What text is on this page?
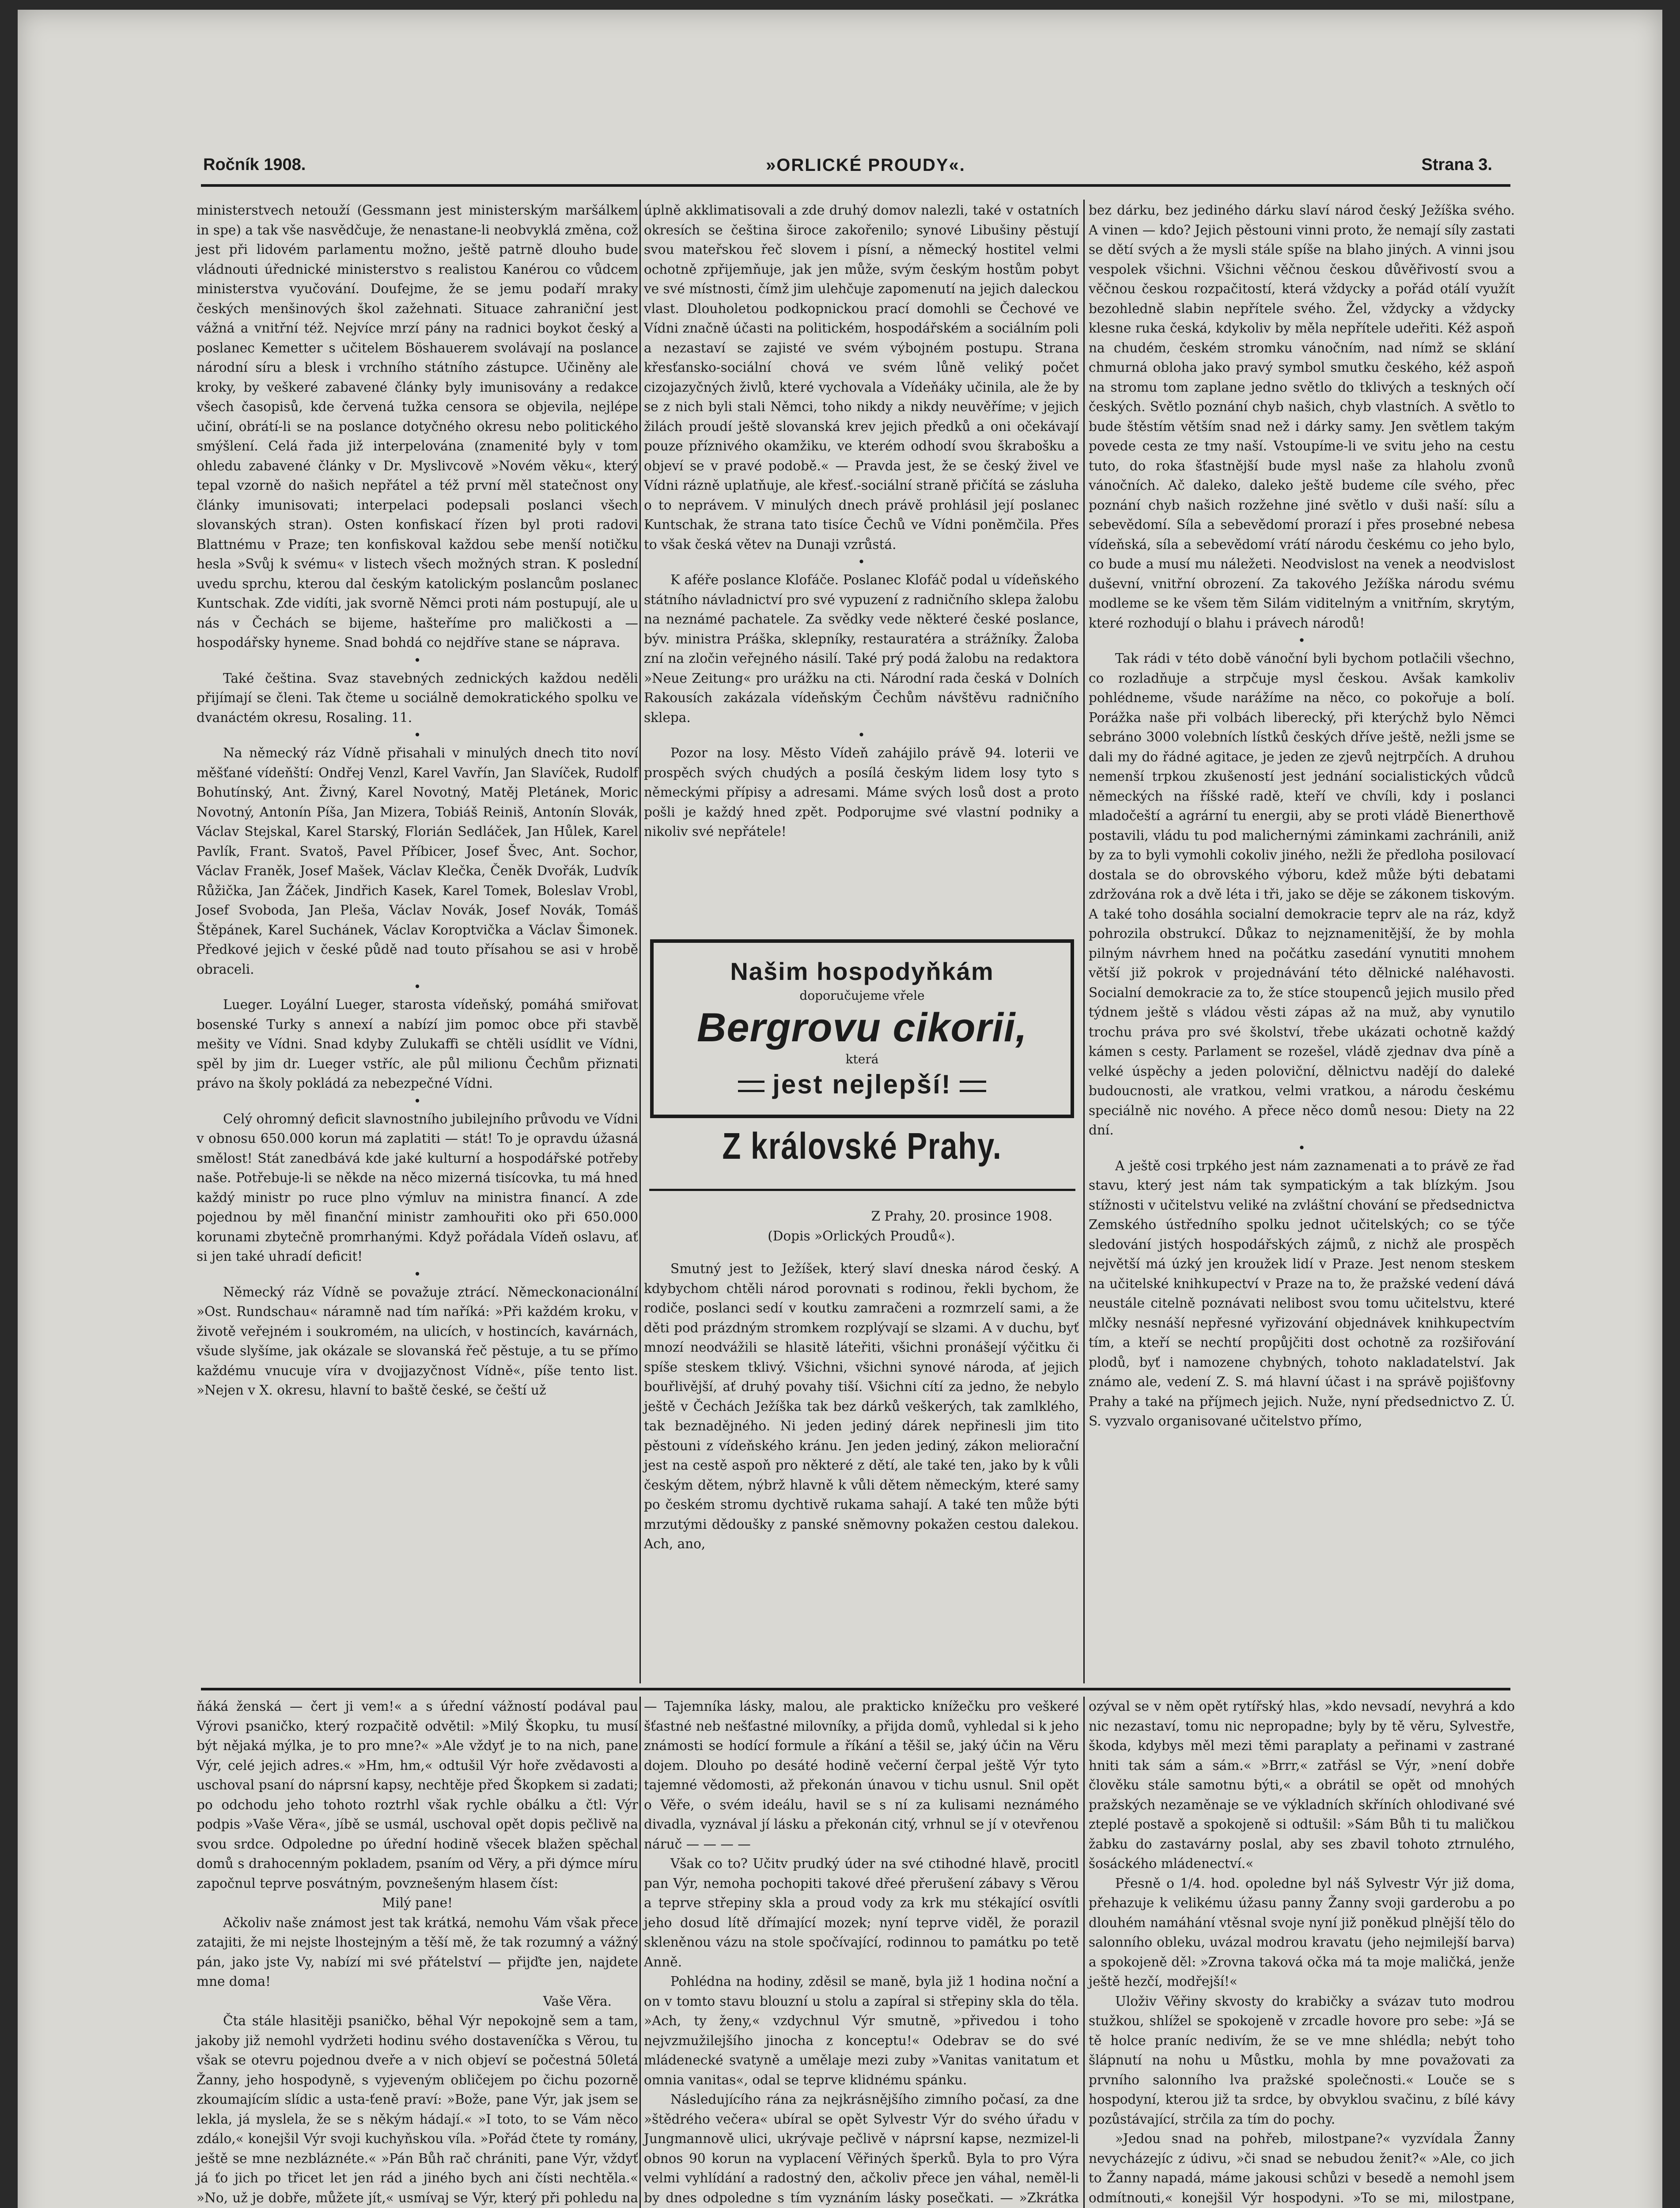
Ročník 1908.	»ORLICKÉ PROUDY«.	Strana 3.

ministerstvech netouží (Gessmann jest ministerským maršálkem in spe) a tak vše nasvědčuje, že nenastane-li neobvyklá změna, což jest při lidovém parlamentu možno, ještě patrně dlouho bude vládnouti úřednické ministerstvo s realistou Kanérou co vůdcem ministerstva vyučování. Doufejme, že se jemu podaří mraky českých menšinových škol zažehnati. Situace zahraniční jest vážná a vnitřní též. Nejvíce mrzí pány na radnici boykot český a poslanec Kemetter s učitelem Böshauerem svolávají na poslance národní síru a blesk i vrchního státního zástupce. Učiněny ale kroky, by veškeré zabavené články byly imunisovány a redakce všech časopisů, kde červená tužka censora se objevila, nejlépe učiní, obrátí-li se na poslance dotyčného okresu nebo politického smýšlení. Celá řada již interpelována (znamenité byly v tom ohledu zabavené články v Dr. Myslivcově »Novém věku«, který tepal vzorně do našich nepřátel a též první měl statečnost ony články imunisovati; interpelaci podepsali poslanci všech slovanských stran). Osten konfiskací řízen byl proti radovi Blattnému v Praze; ten konfiskoval každou sebe menší notičku hesla »Svůj k svému« v listech všech možných stran. K poslední uvedu sprchu, kterou dal českým katolickým poslancům poslanec Kuntschak. Zde vidíti, jak svorně Němci proti nám postupují, ale u nás v Čechách se bijeme, hašteříme pro maličkosti a — hospodářsky hyneme. Snad bohdá co nejdříve stane se náprava.

•

Také čeština. Svaz stavebných zednických každou neděli přijímají se členi. Tak čteme u sociálně demokratického spolku ve dvanáctém okresu, Rosaling. 11.

•

Na německý ráz Vídně přisahali v minulých dnech tito noví měšťané vídeňští: Ondřej Venzl, Karel Vavřín, Jan Slavíček, Rudolf Bohutínský, Ant. Živný, Karel Novotný, Matěj Pletánek, Moric Novotný, Antonín Píša, Jan Mizera, Tobiáš Reiniš, Antonín Slovák, Václav Stejskal, Karel Starský, Florián Sedláček, Jan Hůlek, Karel Pavlík, Frant. Svatoš, Pavel Příbicer, Josef Švec, Ant. Sochor, Václav Franěk, Josef Mašek, Václav Klečka, Čeněk Dvořák, Ludvík Růžička, Jan Žáček, Jindřich Kasek, Karel Tomek, Boleslav Vrobl, Josef Svoboda, Jan Pleša, Václav Novák, Josef Novák, Tomáš Štěpánek, Karel Suchánek, Václav Koroptvička a Václav Šimonek. Předkové jejich v české půdě nad touto přísahou se asi v hrobě obraceli.

•

Lueger. Loyální Lueger, starosta vídeňský, pomáhá smiřovat bosenské Turky s annexí a nabízí jim pomoc obce při stavbě mešity ve Vídni. Snad kdyby Zulukaffi se chtěli usídlit ve Vídni, spěl by jim dr. Lueger vstříc, ale půl milionu Čechům přiznati právo na školy pokládá za nebezpečné Vídni.

•

Celý ohromný deficit slavnostního jubilejního průvodu ve Vídni v obnosu 650.000 korun má zaplatiti — stát! To je opravdu úžasná smělost! Stát zanedbává kde jaké kulturní a hospodářské potřeby naše. Potřebuje-li se někde na něco mizerná tisícovka, tu má hned každý ministr po ruce plno výmluv na ministra financí. A zde pojednou by měl finanční ministr zamhouřiti oko při 650.000 korunami zbytečně promrhanými. Když pořádala Vídeň oslavu, ať si jen také uhradí deficit!

•

Německý ráz Vídně se považuje ztrácí. Německonacionální »Ost. Rundschau« náramně nad tím naříká: »Při každém kroku, v životě veřejném i soukromém, na ulicích, v hostincích, kavárnách, všude slyšíme, jak okázale se slovanská řeč pěstuje, a tu se přímo každému vnucuje víra v dvojjazyčnost Vídně«, píše tento list. »Nejen v X. okresu, hlavní to baště české, se čeští už

úplně akklimatisovali a zde druhý domov nalezli, také v ostatních okresích se čeština široce zakořenilo; synové Libušiny pěstují svou mateřskou řeč slovem i písní, a německý hostitel velmi ochotně zpřijemňuje, jak jen může, svým českým hostům pobyt ve své místnosti, čímž jim ulehčuje zapomenutí na jejich daleckou vlast. Dlouholetou podkopnickou prací domohli se Čechové ve Vídni značně účasti na politickém, hospodářském a sociálním poli a nezastaví se zajisté ve svém výbojném postupu. Strana křesťansko-sociální chová ve svém lůně veliký počet cizojazyčných živlů, které vychovala a Vídeňáky učinila, ale že by se z nich byli stali Němci, toho nikdy a nikdy neuvěříme; v jejich žilách proudí ještě slovanská krev jejich předků a oni očekávají pouze příznivého okamžiku, ve kterém odhodí svou škrabošku a objeví se v pravé podobě.« — Pravda jest, že se český živel ve Vídni rázně uplatňuje, ale křesť.-sociální straně přičítá se zásluha o to neprávem. V minulých dnech právě prohlásil její poslanec Kuntschak, že strana tato tisíce Čechů ve Vídni poněmčila. Přes to však česká větev na Dunaji vzrůstá.

•

K aféře poslance Klofáče. Poslanec Klofáč podal u vídeňského státního návladnictví pro své vypuzení z radničního sklepa žalobu na neznámé pachatele. Za svědky vede některé české poslance, býv. ministra Práška, sklepníky, restauratéra a strážníky. Žaloba zní na zločin veřejného násilí. Také prý podá žalobu na redaktora »Neue Zeitung« pro urážku na cti. Národní rada česká v Dolních Rakousích zakázala vídeňským Čechům návštěvu radničního sklepa.

•

Pozor na losy. Město Vídeň zahájilo právě 94. loterii ve prospěch svých chudých a posílá českým lidem losy tyto s německými přípisy a adresami. Máme svých losů dost a proto pošli je každý hned zpět. Podporujme své vlastní podniky a nikoliv své nepřátele!

Našim hospodyňkám
doporučujeme vřele
Bergrovu cikorii,
která
jest nejlepší!
Z královské Prahy.

Z Prahy, 20. prosince 1908.

(Dopis »Orlických Proudů«).

Smutný jest to Ježíšek, který slaví dneska národ český. A kdybychom chtěli národ porovnati s rodinou, řekli bychom, že rodiče, poslanci sedí v koutku zamračeni a rozmrzelí sami, a že děti pod prázdným stromkem rozplývají se slzami. A v duchu, byť mnozí neodvážili se hlasitě láteřiti, všichni pronášejí výčitku či spíše steskem tklivý. Všichni, všichni synové národa, ať jejich bouřlivější, ať druhý povahy tiší. Všichni cítí za jedno, že nebylo ještě v Čechách Ježíška tak bez dárků veškerých, tak zamlklého, tak beznadějného. Ni jeden jediný dárek nepřinesli jim tito pěstouni z vídeňského kránu. Jen jeden jediný, zákon meliorační jest na cestě aspoň pro některé z dětí, ale také ten, jako by k vůli českým dětem, nýbrž hlavně k vůli dětem německým, které samy po českém stromu dychtivě rukama sahají. A také ten může býti mrzutými dědoušky z panské sněmovny pokažen cestou dalekou. Ach, ano,

bez dárku, bez jediného dárku slaví národ český Ježíška svého. A vinen — kdo? Jejich pěstouni vinni proto, že nemají síly zastati se dětí svých a že mysli stále spíše na blaho jiných. A vinni jsou vespolek všichni. Všichni věčnou českou důvěřivostí svou a věčnou českou rozpačitostí, která vždycky a pořád otálí využít bezohledně slabin nepřítele svého. Žel, vždycky a vždycky klesne ruka česká, kdykoliv by měla nepřítele udeřiti. Kéž aspoň na chudém, českém stromku vánočním, nad nímž se sklání chmurná obloha jako pravý symbol smutku českého, kéž aspoň na stromu tom zaplane jedno světlo do tklivých a teskných očí českých. Světlo poznání chyb našich, chyb vlastních. A světlo to bude štěstím větším snad než i dárky samy. Jen světlem takým povede cesta ze tmy naší. Vstoupíme-li ve svitu jeho na cestu tuto, do roka šťastnější bude mysl naše za hlaholu zvonů vánočních. Ač daleko, daleko ještě budeme cíle svého, přec poznání chyb našich rozžehne jiné světlo v duši naší: sílu a sebevědomí. Síla a sebevědomí prorazí i přes prosebné nebesa vídeňská, síla a sebevědomí vrátí národu českému co jeho bylo, co bude a musí mu náležeti. Neodvislost na venek a neodvislost duševní, vnitřní obrození. Za takového Ježíška národu svému modleme se ke všem těm Silám viditelným a vnitřním, skrytým, které rozhodují o blahu i právech národů!

•

Tak rádi v této době vánoční byli bychom potlačili všechno, co rozladňuje a strpčuje mysl českou. Avšak kamkoliv pohlédneme, všude narážíme na něco, co pokořuje a bolí. Porážka naše při volbách liberecký, při kterýchž bylo Němci sebráno 3000 volebních lístků českých dříve ještě, nežli jsme se dali my do řádné agitace, je jeden ze zjevů nejtrpčích. A druhou nemenší trpkou zkušeností jest jednání socialistických vůdců německých na říšské radě, kteří ve chvíli, kdy i poslanci mladočeští a agrární tu energii, aby se proti vládě Bienerthově postavili, vládu tu pod malichernými záminkami zachránili, aniž by za to byli vymohli cokoliv jiného, nežli že předloha posilovací dostala se do obrovského výboru, kdež může býti debatami zdržována rok a dvě léta i tři, jako se děje se zákonem tiskovým. A také toho dosáhla socialní demokracie teprv ale na ráz, když pohrozila obstrukcí. Důkaz to nejznamenitější, že by mohla pilným návrhem hned na počátku zasedání vynutiti mnohem větší již pokrok v projednávání této dělnické naléhavosti. Socialní demokracie za to, že stíce stoupenců jejich musilo před týdnem ještě s vládou věsti zápas až na muž, aby vynutilo trochu práva pro své školství, třebe ukázati ochotně každý kámen s cesty. Parlament se rozešel, vládě zjednav dva píně a velké úspěchy a jeden poloviční, dělnictvu nadějí do daleké budoucnosti, ale vratkou, velmi vratkou, a národu českému speciálně nic nového. A přece něco domů nesou: Diety na 22 dní.

•

A ještě cosi trpkého jest nám zaznamenati a to právě ze řad stavu, který jest nám tak sympatickým a tak blízkým. Jsou stížnosti v učitelstvu veliké na zvláštní chování se předsednictva Zemského ústředního spolku jednot učitelských; co se týče sledování jistých hospodářských zájmů, z nichž ale prospěch největší má úzký jen kroužek lidí v Praze. Jest nenom steskem na učitelské knihkupectví v Praze na to, že pražské vedení dává neustále citelně poznávati nelibost svou tomu učitelstvu, které mlčky nesnáší nepřesné vyřizování objednávek knihkupectvím tím, a kteří se nechtí propůjčiti dost ochotně za rozšiřování plodů, byť i namozene chybných, tohoto nakladatelství. Jak známo ale, vedení Z. S. má hlavní účast i na správě pojišťovny Prahy a také na příjmech jejich. Nuže, nyní předsednictvo Z. Ú. S. vyzvalo organisované učitelstvo přímo,

ňáká ženská — čert ji vem!« a s úřední vážností podával pau Výrovi psaničko, který rozpačitě odvětil: »Milý Škopku, tu musí být nějaká mýlka, je to pro mne?« »Ale vždyť je to na nich, pane Výr, celé jejich adres.« »Hm, hm,« odtušil Výr hoře zvědavosti a uschoval psaní do náprsní kapsy, nechtěje před Škopkem si zadati; po odchodu jeho tohoto roztrhl však rychle obálku a čtl: Výr podpis »Vaše Věra«, jíbě se usmál, uschoval opět dopis pečlivě na svou srdce. Odpoledne po úřední hodině všecek blažen spěchal domů s drahocenným pokladem, psaním od Věry, a při dýmce míru započnul teprve posvátným, povznešeným hlasem číst:

Milý pane!

Ačkoliv naše známost jest tak krátká, nemohu Vám však přece zatajiti, že mi nejste lhostejným a těší mě, že tak rozumný a vážný pán, jako jste Vy, nabízí mi své přátelství — přijďte jen, najdete mne doma!

Vaše Věra.

Čta stále hlasitěji psaničko, běhal Výr nepokojně sem a tam, jakoby již nemohl vydržeti hodinu svého dostaveníčka s Věrou, tu však se otevru pojednou dveře a v nich objeví se počestná 50letá Žanny, jeho hospodyně, s vyjeveným obličejem po čichu pozorně zkoumajícím slídic a usta-ťeně praví: »Bože, pane Výr, jak jsem se lekla, já myslela, že se s někým hádají.« »I toto, to se Vám něco zdálo,« konejšil Výr svoji kuchyňskou víla. »Pořád čtete ty romány, ještě se mne nezbláznéte.« »Pán Bůh rač chrániti, pane Výr, vždyť já ťo jich po třicet let jen rád a jiného bych ani čísti nechtěla.« »No, už je dobře, můžete jít,« usmívaj se Výr, který při pohledu na

— Tajemníka lásky, malou, ale prakticko knížečku pro veškeré šťastné neb nešťastné milovníky, a přijda domů, vyhledal si k jeho známosti se hodící formule a říkání a těšil se, jaký účin na Věru dojem. Dlouho po desáté hodině večerní čerpal ještě Výr tyto tajemné vědomosti, až překonán únavou v tichu usnul. Snil opět o Věře, o svém ideálu, havil se s ní za kulisami neznámého divadla, vyznával jí lásku a překonán citý, vrhnul se jí v otevřenou náruč — — — —

Však co to? Učitv prudký úder na své ctihodné hlavě, procitl pan Výr, nemoha pochopiti takové dřeé přerušení zábavy s Věrou a teprve střepiny skla a proud vody za krk mu stékající osvítli jeho dosud lítě dřímající mozek; nyní teprve viděl, že porazil skleněnou vázu na stole spočívající, rodinnou to památku po tetě Anně.

Pohlédna na hodiny, zděsil se maně, byla již 1 hodina noční a on v tomto stavu blouzní u stolu a zapíral si střepiny skla do těla. »Ach, ty ženy,« vzdychnul Výr smutně, »přivedou i toho nejvzmužilejšího jinocha z konceptu!« Odebrav se do své mládenecké svatyně a umělaje mezi zuby »Vanitas vanitatum et omnia vanitas«, odal se teprve klidnému spánku.

Následujícího rána za nejkrásnějšího zimního počasí, za dne »štědrého večera« ubíral se opět Sylvestr Výr do svého úřadu v Jungmannově ulici, ukrývaje pečlivě v náprsní kapse, nezmizel-li obnos 90 korun na vyplacení Věřiných šperků. Byla to pro Výra velmi vyhlídání a radostný den, ačkoliv přece jen váhal, neměl-li by dnes odpoledne s tím vyznáním lásky posečkati. — »Zkrátka

ozýval se v něm opět rytířský hlas, »kdo nevsadí, nevyhrá a kdo nic nezastaví, tomu nic nepropadne; byly by tě věru, Sylvestře, škoda, kdybys měl mezi těmi paraplaty a peřinami v zastrané hniti tak sám a sám.« »Brrr,« zatřásl se Výr, »není dobře člověku stále samotnu býti,« a obrátil se opět od mnohých pražských nezaměnaje se ve výkladních skříních ohlodivané své zteplé postavě a spokojeně si odtušil: »Sám Bůh ti tu maličkou žabku do zastavárny poslal, aby ses zbavil tohoto ztrnulého, šosáckého mládenectví.«

Přesně o 1/4. hod. opoledne byl náš Sylvestr Výr již doma, přehazuje k velikému úžasu panny Žanny svoji garderobu a po dlouhém namáhání vtěsnal svoje nyní již poněkud plnější tělo do salonního obleku, uvázal modrou kravatu (jeho nejmilejší barva) a spokojeně děl: »Zrovna taková očka má ta moje maličká, jenže ještě hezčí, modřejší!«

Uloživ Věřiny skvosty do krabičky a svázav tuto modrou stužkou, shlížel se spokojeně v zrcadle hovore pro sebe: »Já se tě holce praníc nedivím, že se ve mne shlédla; nebýt toho šlápnutí na nohu u Můstku, mohla by mne považovati za prvního salonního lva pražské společnosti.« Louče se s hospodyní, kterou již ta srdce, by obvyklou svačinu, z bílé kávy pozůstávající, strčila za tím do pochy.

»Jedou snad na pohřeb, milostpane?« vyzvídala Žanny nevycházejíc z údivu, »či snad se nebudou ženit?« »Ale, co jich to Žanny napadá, máme jakousi schůzi v besedě a nemohl jsem odmítnouti,« konejšil Výr hospodyni. »To se mi, milostpane,
